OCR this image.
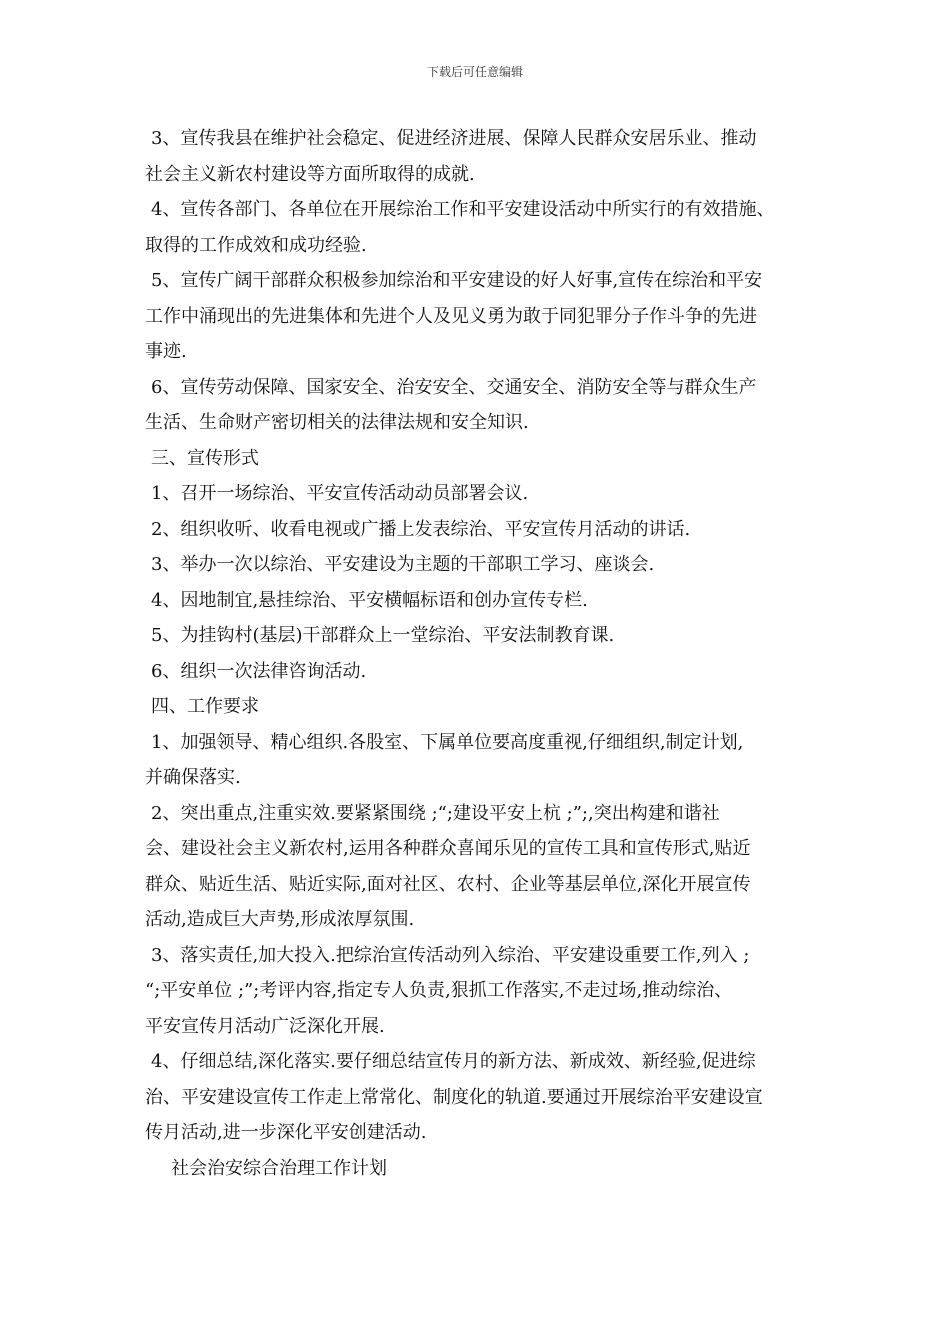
下载后可任意编辑
3、宣传我县在维护社会稳定、促进经济进展、保障人民群众安居乐业、推动
社会主义新农村建设等方面所取得的成就.
4、宣传各部门、各单位在开展综治工作和平安建设活动中所实行的有效措施、
取得的工作成效和成功经验.
5、宣传广阔干部群众积极参加综治和平安建设的好人好事,宣传在综治和平安
工作中涌现出的先进集体和先进个人及见义勇为敢于同犯罪分子作斗争的先进
事迹.
6、宣传劳动保障、国家安全、治安安全、交通安全、消防安全等与群众生产
生活、生命财产密切相关的法律法规和安全知识.
三、宣传形式
1、召开一场综治、平安宣传活动动员部署会议.
2、组织收听、收看电视或广播上发表综治、平安宣传月活动的讲话.
3、举办一次以综治、平安建设为主题的干部职工学习、座谈会.
4、因地制宜,悬挂综治、平安横幅标语和创办宣传专栏.
5、为挂钩村(基层)干部群众上一堂综治、平安法制教育课.
6、组织一次法律咨询活动.
四、工作要求
1、加强领导、精心组织.各股室、下属单位要高度重视,仔细组织,制定计划,
并确保落实.
2、突出重点,注重实效.要紧紧围绕 ;“;建设平安上杭 ;”;,突出构建和谐社
会、建设社会主义新农村,运用各种群众喜闻乐见的宣传工具和宣传形式,贴近
群众、贴近生活、贴近实际,面对社区、农村、企业等基层单位,深化开展宣传
活动,造成巨大声势,形成浓厚氛围.
3、落实责任,加大投入.把综治宣传活动列入综治、平安建设重要工作,列入 ;
“;平安单位 ;”;考评内容,指定专人负责,狠抓工作落实,不走过场,推动综治、
平安宣传月活动广泛深化开展.
4、仔细总结,深化落实.要仔细总结宣传月的新方法、新成效、新经验,促进综
治、平安建设宣传工作走上常常化、制度化的轨道.要通过开展综治平安建设宣
传月活动,进一步深化平安创建活动.
社会治安综合治理工作计划
